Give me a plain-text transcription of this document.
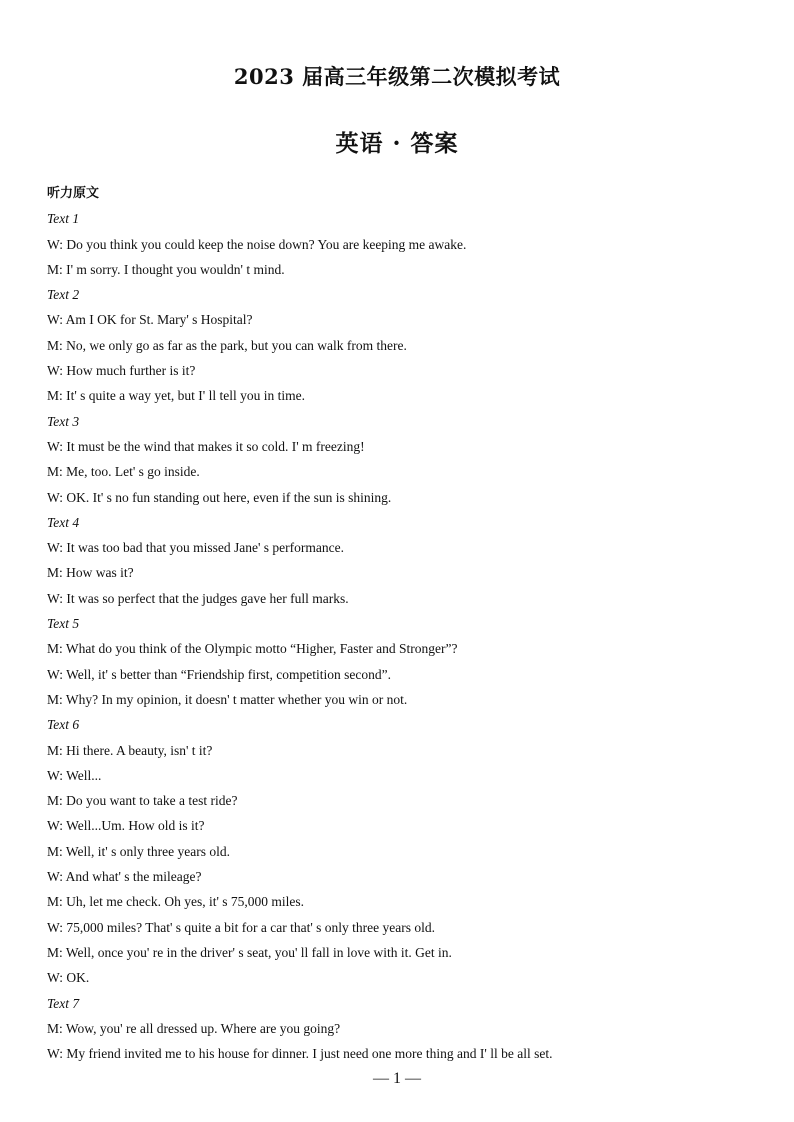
2023 届高三年级第二次模拟考试
英语 · 答案
听力原文
Text 1
W: Do you think you could keep the noise down? You are keeping me awake.
M: I' m sorry. I thought you wouldn' t mind.
Text 2
W: Am I OK for St. Mary' s Hospital?
M: No, we only go as far as the park, but you can walk from there.
W: How much further is it?
M: It' s quite a way yet, but I' ll tell you in time.
Text 3
W: It must be the wind that makes it so cold. I' m freezing!
M: Me, too. Let' s go inside.
W: OK. It' s no fun standing out here, even if the sun is shining.
Text 4
W: It was too bad that you missed Jane' s performance.
M: How was it?
W: It was so perfect that the judges gave her full marks.
Text 5
M: What do you think of the Olympic motto “Higher, Faster and Stronger”?
W: Well, it' s better than “Friendship first, competition second”.
M: Why? In my opinion, it doesn' t matter whether you win or not.
Text 6
M: Hi there. A beauty, isn' t it?
W: Well...
M: Do you want to take a test ride?
W: Well...Um. How old is it?
M: Well, it' s only three years old.
W: And what' s the mileage?
M: Uh, let me check. Oh yes, it' s 75,000 miles.
W: 75,000 miles? That' s quite a bit for a car that' s only three years old.
M: Well, once you' re in the driver' s seat, you' ll fall in love with it. Get in.
W: OK.
Text 7
M: Wow, you' re all dressed up. Where are you going?
W: My friend invited me to his house for dinner. I just need one more thing and I' ll be all set.
— 1 —
